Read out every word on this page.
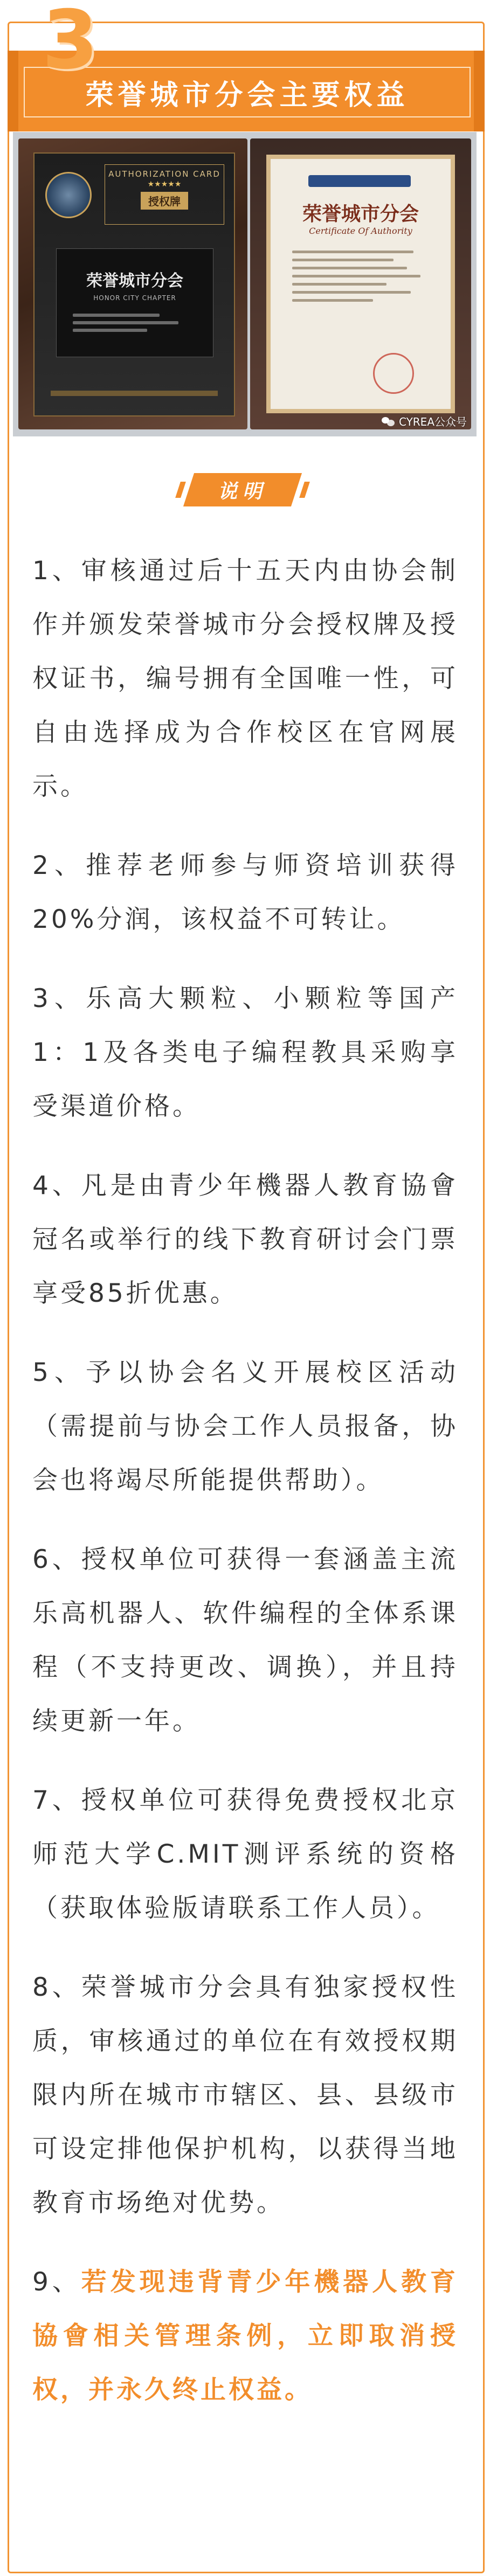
3
荣誉城市分会主要权益
AUTHORIZATION CARD
★★★★★
授权牌
荣誉城市分会
HONOR CITY CHAPTER
荣誉城市分会
Certificate Of Authority
CYREA公众号
说明

1、审核通过后十五天内由协会制作并颁发荣誉城市分会授权牌及授权证书，编号拥有全国唯一性，可自由选择成为合作校区在官网展示。

2、推荐老师参与师资培训获得20%分润，该权益不可转让。

3、乐高大颗粒、小颗粒等国产1：1及各类电子编程教具采购享受渠道价格。

4、凡是由青少年機器人教育協會冠名或举行的线下教育研讨会门票享受85折优惠。

5、予以协会名义开展校区活动（需提前与协会工作人员报备，协会也将竭尽所能提供帮助）。

6、授权单位可获得一套涵盖主流乐高机器人、软件编程的全体系课程（不支持更改、调换），并且持续更新一年。

7、授权单位可获得免费授权北京师范大学C.MIT测评系统的资格（获取体验版请联系工作人员）。

8、荣誉城市分会具有独家授权性质，审核通过的单位在有效授权期限内所在城市市辖区、县、县级市可设定排他保护机构，以获得当地教育市场绝对优势。

9、若发现违背青少年機器人教育協會相关管理条例，立即取消授权，并永久终止权益。
